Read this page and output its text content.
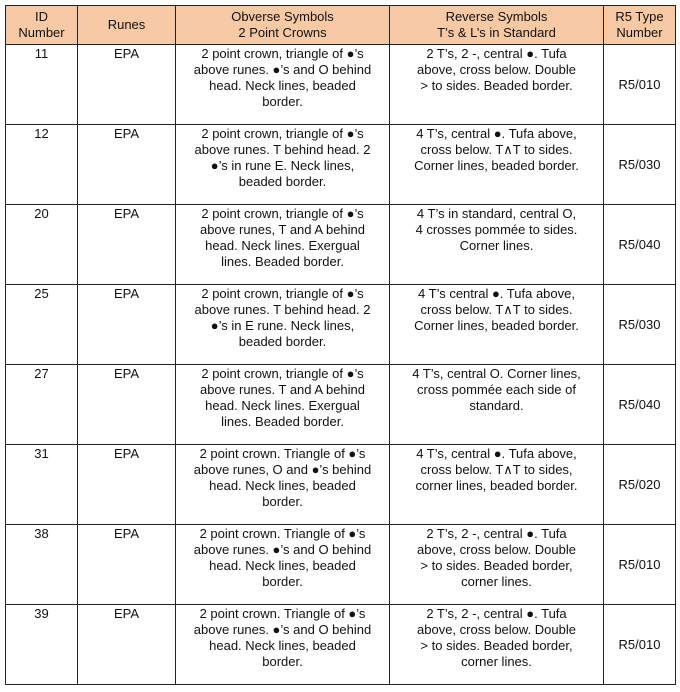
ID
Number	Runes	Obverse Symbols
2 Point Crowns	Reverse Symbols
T’s & L’s in Standard	R5 Type
Number

11	EPA	2 point crown, triangle of ●’s
above runes. ●’s and O behind
head. Neck lines, beaded
border.	2 T’s, 2 -, central ●. Tufa
above, cross below. Double
> to sides. Beaded border.	R5/010
12	EPA	2 point crown, triangle of ●’s
above runes. T behind head. 2
●’s in rune E. Neck lines,
beaded border.	4 T’s, central ●. Tufa above,
cross below. T∧T to sides.
Corner lines, beaded border.	R5/030
20	EPA	2 point crown, triangle of ●’s
above runes, T and A behind
head. Neck lines. Exergual
lines. Beaded border.	4 T’s in standard, central O,
4 crosses pommée to sides.
Corner lines.	R5/040
25	EPA	2 point crown, triangle of ●’s
above runes. T behind head. 2
●’s in E rune. Neck lines,
beaded border.	4 T’s central ●. Tufa above,
cross below. T∧T to sides.
Corner lines, beaded border.	R5/030
27	EPA	2 point crown, triangle of ●’s
above runes. T and A behind
head. Neck lines. Exergual
lines. Beaded border.	4 T’s, central O. Corner lines,
cross pommée each side of
standard.	R5/040
31	EPA	2 point crown. Triangle of ●’s
above runes, O and ●’s behind
head. Neck lines, beaded
border.	4 T’s, central ●. Tufa above,
cross below. T∧T to sides,
corner lines, beaded border.	R5/020
38	EPA	2 point crown. Triangle of ●’s
above runes. ●’s and O behind
head. Neck lines, beaded
border.	2 T’s, 2 -, central ●. Tufa
above, cross below. Double
> to sides. Beaded border,
corner lines.	R5/010
39	EPA	2 point crown. Triangle of ●’s
above runes. ●’s and O behind
head. Neck lines, beaded
border.	2 T’s, 2 -, central ●. Tufa
above, cross below. Double
> to sides. Beaded border,
corner lines.	R5/010
